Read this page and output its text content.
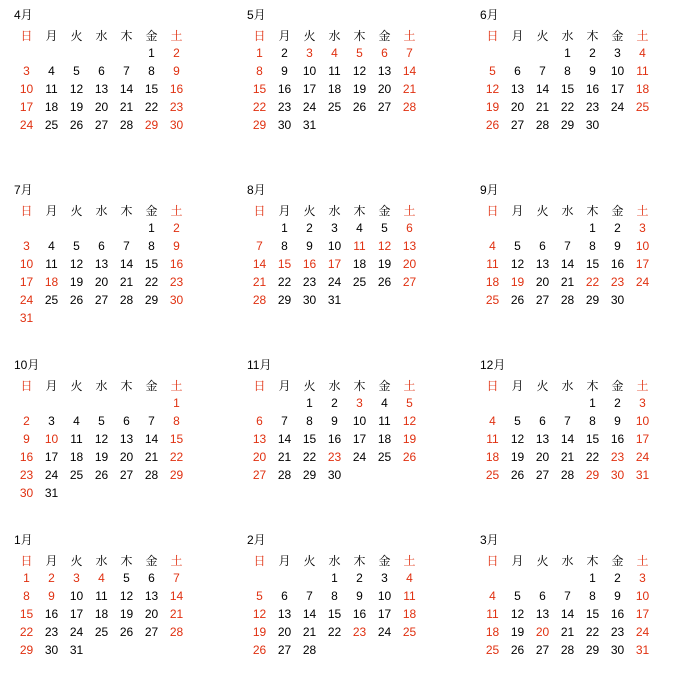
4月
日	月	火	水	木	金	土
					1	2
3	4	5	6	7	8	9
10	11	12	13	14	15	16
17	18	19	20	21	22	23
24	25	26	27	28	29	30
5月
日	月	火	水	木	金	土
1	2	3	4	5	6	7
8	9	10	11	12	13	14
15	16	17	18	19	20	21
22	23	24	25	26	27	28
29	30	31				
6月
日	月	火	水	木	金	土
			1	2	3	4
5	6	7	8	9	10	11
12	13	14	15	16	17	18
19	20	21	22	23	24	25
26	27	28	29	30		
7月
日	月	火	水	木	金	土
					1	2
3	4	5	6	7	8	9
10	11	12	13	14	15	16
17	18	19	20	21	22	23
24	25	26	27	28	29	30
31						
8月
日	月	火	水	木	金	土
	1	2	3	4	5	6
7	8	9	10	11	12	13
14	15	16	17	18	19	20
21	22	23	24	25	26	27
28	29	30	31			
9月
日	月	火	水	木	金	土
				1	2	3
4	5	6	7	8	9	10
11	12	13	14	15	16	17
18	19	20	21	22	23	24
25	26	27	28	29	30	
10月
日	月	火	水	木	金	土
						1
2	3	4	5	6	7	8
9	10	11	12	13	14	15
16	17	18	19	20	21	22
23	24	25	26	27	28	29
30	31					
11月
日	月	火	水	木	金	土
		1	2	3	4	5
6	7	8	9	10	11	12
13	14	15	16	17	18	19
20	21	22	23	24	25	26
27	28	29	30			
12月
日	月	火	水	木	金	土
				1	2	3
4	5	6	7	8	9	10
11	12	13	14	15	16	17
18	19	20	21	22	23	24
25	26	27	28	29	30	31
1月
日	月	火	水	木	金	土
1	2	3	4	5	6	7
8	9	10	11	12	13	14
15	16	17	18	19	20	21
22	23	24	25	26	27	28
29	30	31				
2月
日	月	火	水	木	金	土
			1	2	3	4
5	6	7	8	9	10	11
12	13	14	15	16	17	18
19	20	21	22	23	24	25
26	27	28				
3月
日	月	火	水	木	金	土
				1	2	3
4	5	6	7	8	9	10
11	12	13	14	15	16	17
18	19	20	21	22	23	24
25	26	27	28	29	30	31
